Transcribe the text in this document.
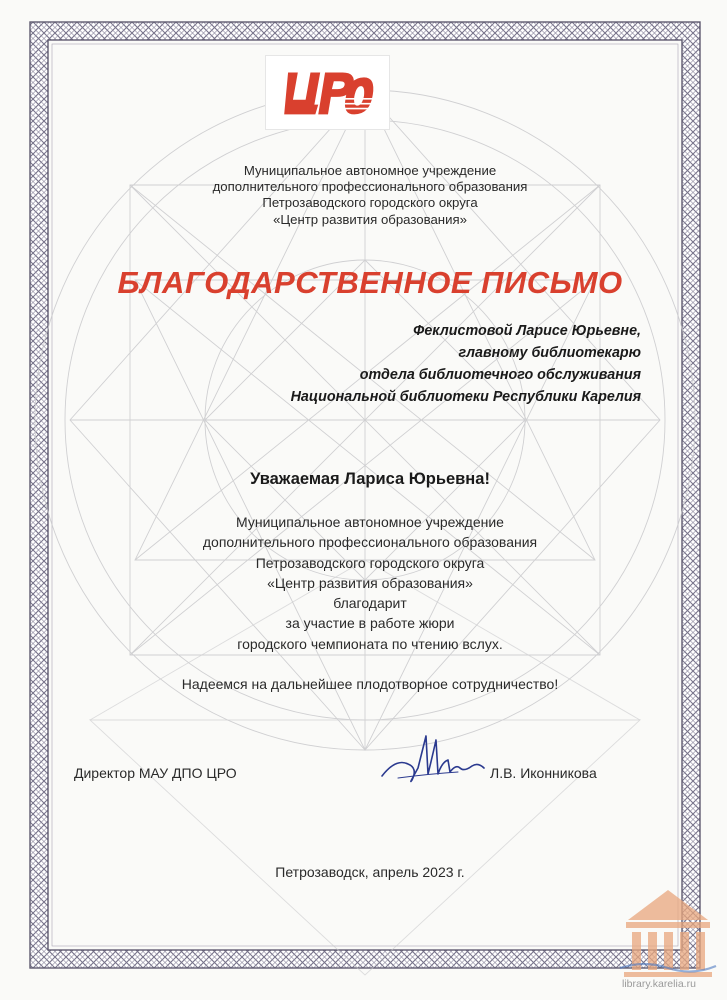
Муниципальное автономное учреждение
дополнительного профессионального образования
Петрозаводского городского округа
«Центр развития образования»
БЛАГОДАРСТВЕННОЕ ПИСЬМО
Феклистовой Ларисе Юрьевне,
главному библиотекарю
отдела библиотечного обслуживания
Национальной библиотеки Республики Карелия
Уважаемая Лариса Юрьевна!
Муниципальное автономное учреждение
дополнительного профессионального образования
Петрозаводского городского округа
«Центр развития образования»
благодарит
за участие в работе жюри
городского чемпионата по чтению вслух.
Надеемся на дальнейшее плодотворное сотрудничество!
Директор МАУ ДПО ЦРО	Л.В. Иконникова
Петрозаводск, апрель 2023 г.
library.karelia.ru
